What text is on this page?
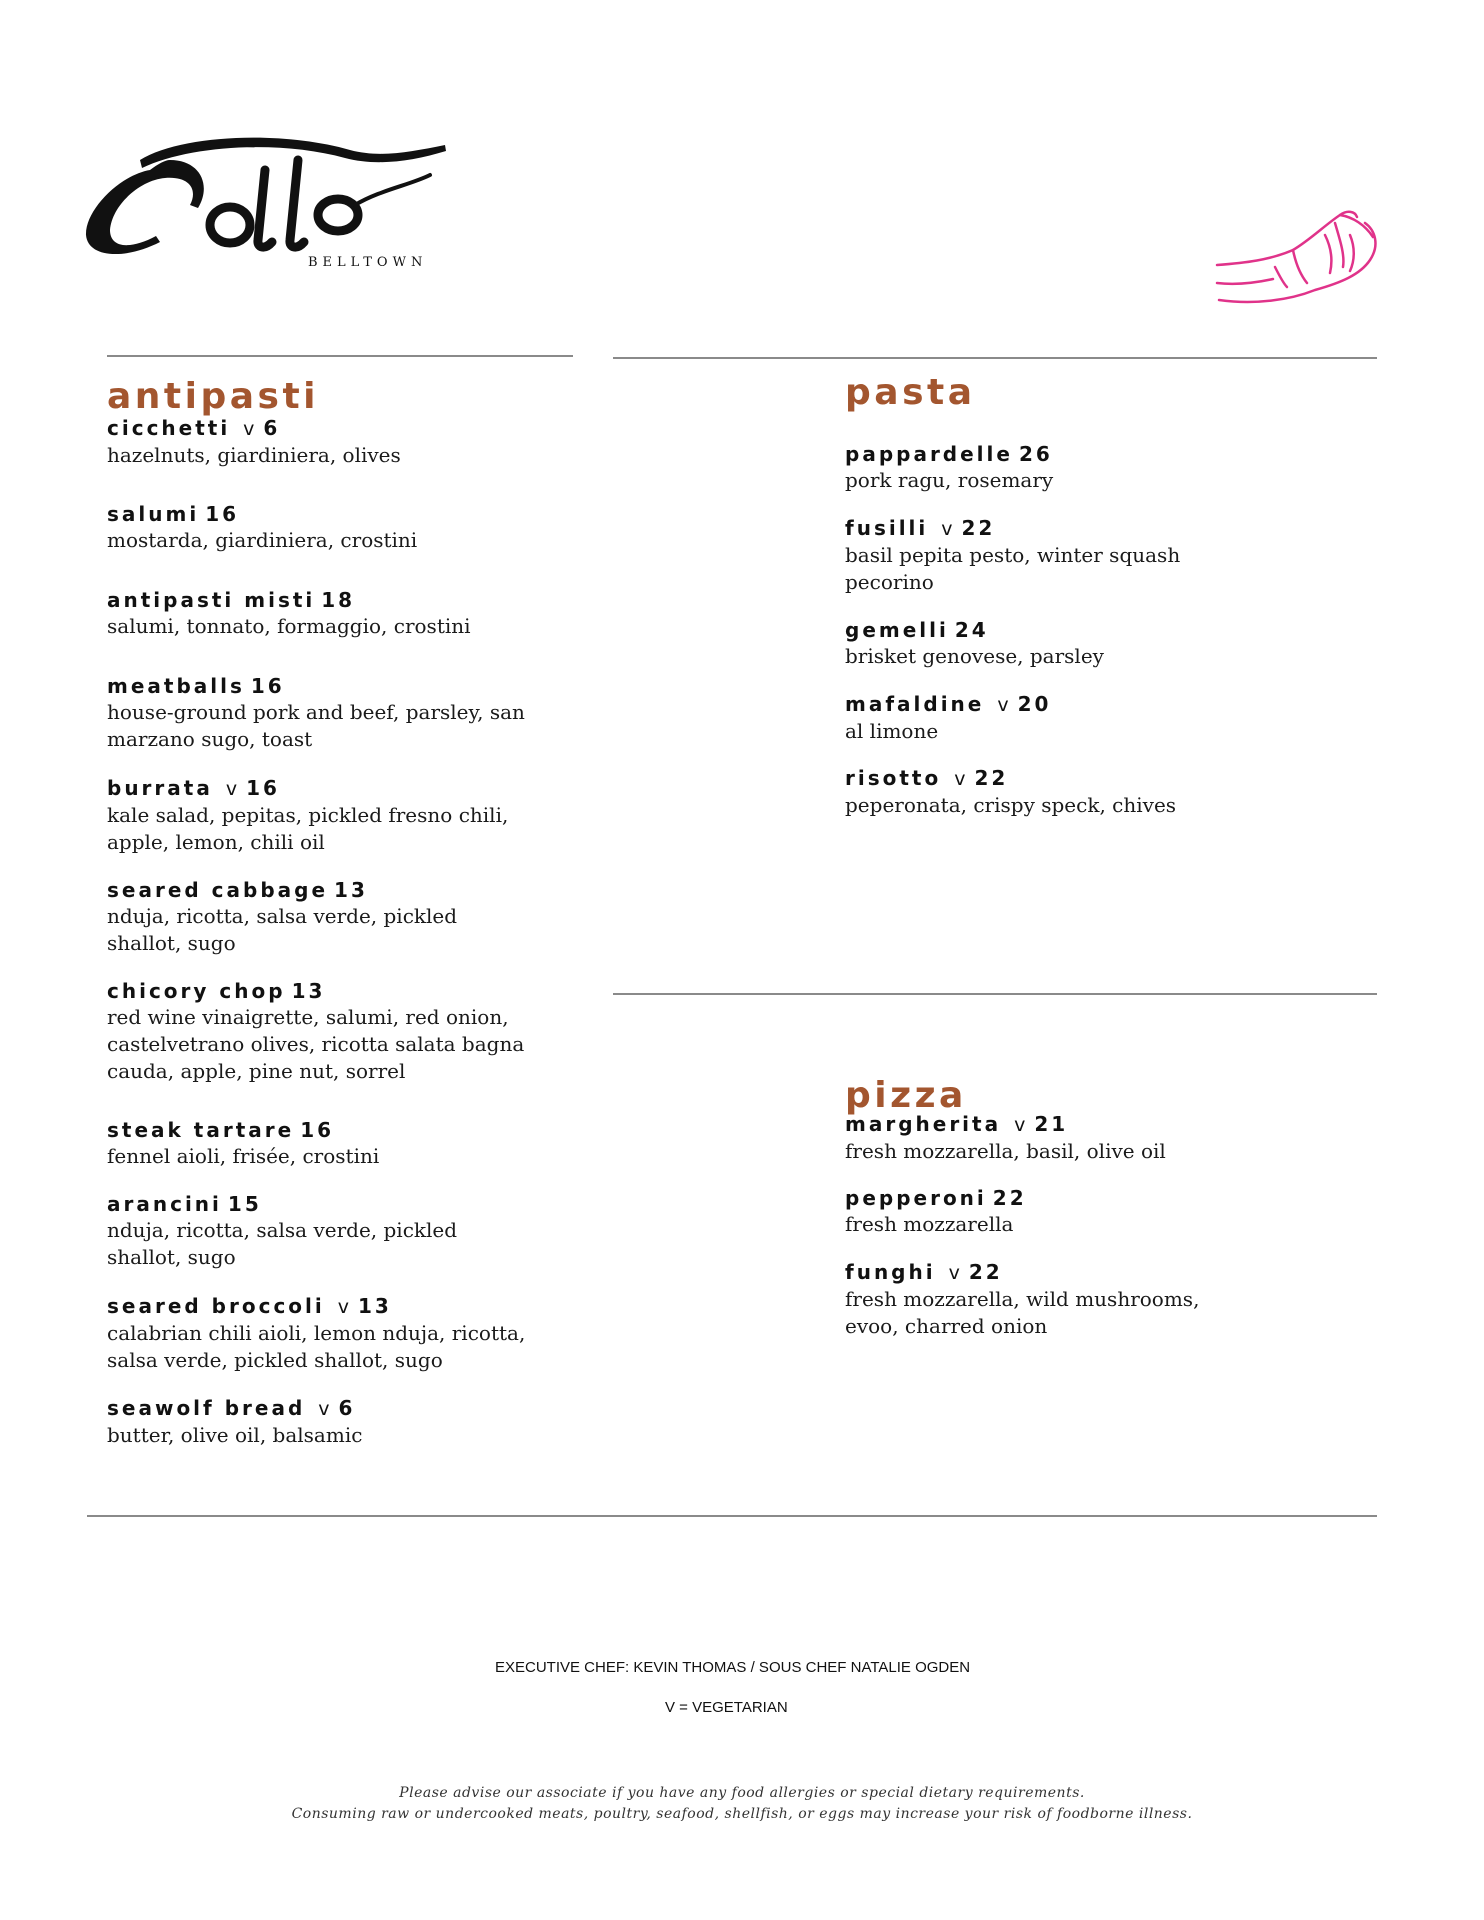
BELLTOWN
antipasti	pasta
pizza
cicchetti v 6
hazelnuts, giardiniera, olives
salumi 16
mostarda, giardiniera, crostini
antipasti misti 18
salumi, tonnato, formaggio, crostini
meatballs 16
house-ground pork and beef, parsley, san
marzano sugo, toast
burrata v 16
kale salad, pepitas, pickled fresno chili,
apple, lemon, chili oil
seared cabbage 13
nduja, ricotta, salsa verde, pickled
shallot, sugo
chicory chop 13
red wine vinaigrette, salumi, red onion,
castelvetrano olives, ricotta salata bagna
cauda, apple, pine nut, sorrel
steak tartare 16
fennel aioli, frisée, crostini
arancini 15
nduja, ricotta, salsa verde, pickled
shallot, sugo
seared broccoli v 13
calabrian chili aioli, lemon nduja, ricotta,
salsa verde, pickled shallot, sugo
seawolf bread v 6
butter, olive oil, balsamic
pappardelle 26
pork ragu, rosemary
fusilli v 22
basil pepita pesto, winter squash
pecorino
gemelli 24
brisket genovese, parsley
mafaldine v 20
al limone
risotto v 22
peperonata, crispy speck, chives
margherita v 21
fresh mozzarella, basil, olive oil
pepperoni 22
fresh mozzarella
funghi v 22
fresh mozzarella, wild mushrooms,
evoo, charred onion
EXECUTIVE CHEF: KEVIN THOMAS / SOUS CHEF NATALIE OGDEN
V = VEGETARIAN
Please advise our associate if you have any food allergies or special dietary requirements.
Consuming raw or undercooked meats, poultry, seafood, shellfish, or eggs may increase your risk of foodborne illness.
